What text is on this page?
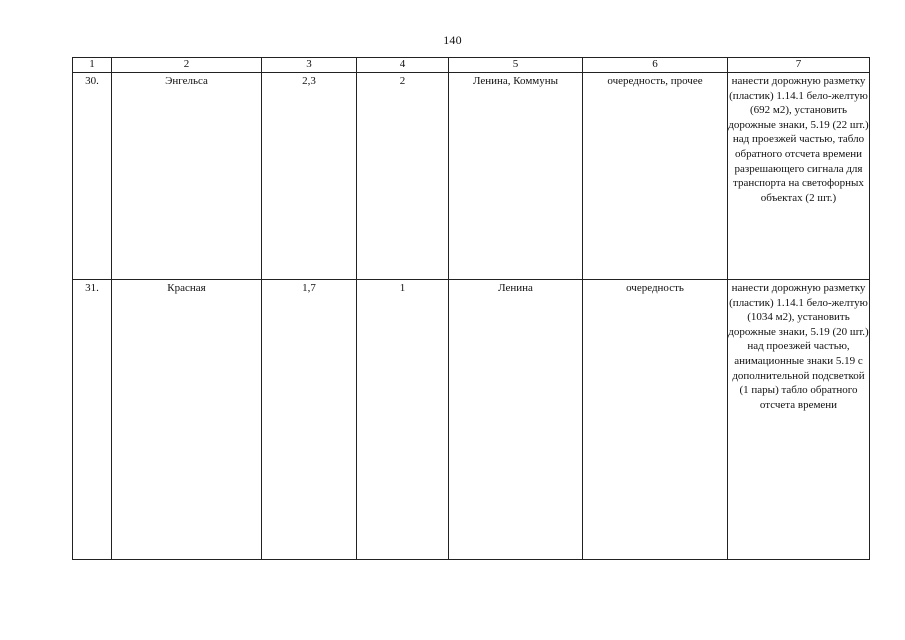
140
1	2	3	4	5	6	7

30.	Энгельса	2,3	2	Ленина, Коммуны	очередность, прочее	нанести дорожную разметку (пластик) 1.14.1 бело-желтую (692 м2), установить дорожные знаки, 5.19 (22 шт.) над проезжей частью, табло обратного отсчета времени разрешающего сигнала для транспорта на светофорных объектах (2 шт.)

31.	Красная	1,7	1	Ленина	очередность	нанести дорожную разметку (пластик) 1.14.1 бело-желтую (1034 м2), установить дорожные знаки, 5.19 (20 шт.) над проезжей частью, анимационные знаки 5.19 с дополнительной подсветкой (1 пары) табло обратного отсчета времени
